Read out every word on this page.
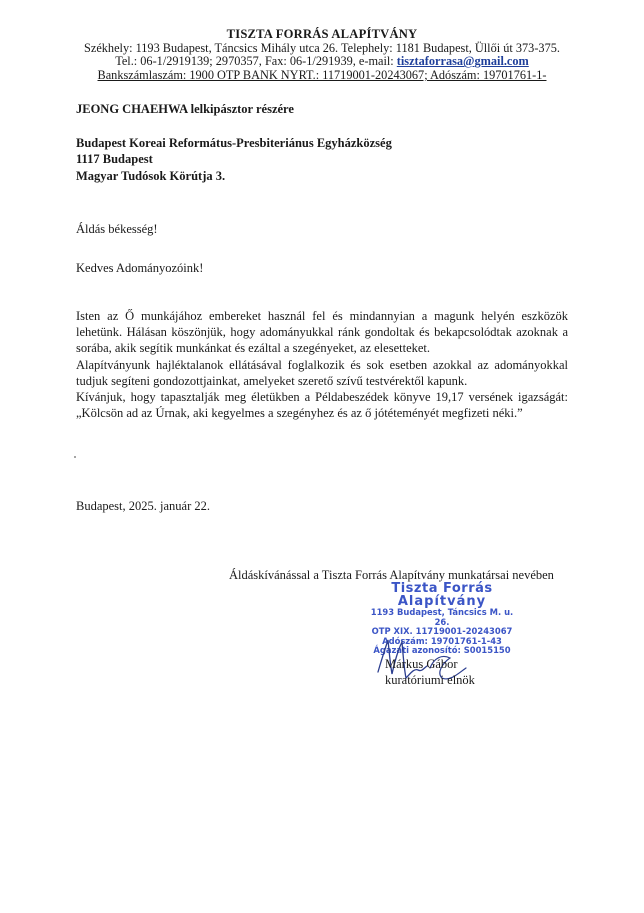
TISZTA FORRÁS ALAPÍTVÁNY
Székhely: 1193 Budapest, Táncsics Mihály utca 26. Telephely: 1181 Budapest, Üllői út 373-375.
Tel.: 06-1/2919139; 2970357, Fax: 06-1/291939, e-mail: tisztaforrasa@gmail.com
Bankszámlaszám: 1900 OTP BANK NYRT.: 11719001-20243067; Adószám: 19701761-1-
JEONG CHAEHWA lelkipásztor részére
Budapest Koreai Református-Presbiteriánus Egyházközség
1117 Budapest
Magyar Tudósok Körútja 3.
Áldás békesség!
Kedves Adományozóink!

Isten az Ő munkájához embereket használ fel és mindannyian a magunk helyén eszközök lehetünk. Hálásan köszönjük, hogy adományukkal ránk gondoltak és bekapcsolódtak azoknak a sorába, akik segítik munkánkat és ezáltal a szegényeket, az elesetteket.

Alapítványunk hajléktalanok ellátásával foglalkozik és sok esetben azokkal az adományokkal tudjuk segíteni gondozottjainkat, amelyeket szerető szívű testvérektől kapunk.

Kívánjuk, hogy tapasztalják meg életükben a Példabeszédek könyve 19,17 versének igazságát: „Kölcsön ad az Úrnak, aki kegyelmes a szegényhez és az ő jótéteményét megfizeti néki.”

Budapest, 2025. január 22.
Áldáskívánással a Tiszta Forrás Alapítvány munkatársai nevében
Tiszta Forrás
Alapítvány
1193 Budapest, Táncsics M. u. 26.
OTP XIX. 11719001-20243067
Adószám: 19701761-1-43
Ágazati azonosító: S0015150
Márkus Gábor
kuratóriumi elnök
